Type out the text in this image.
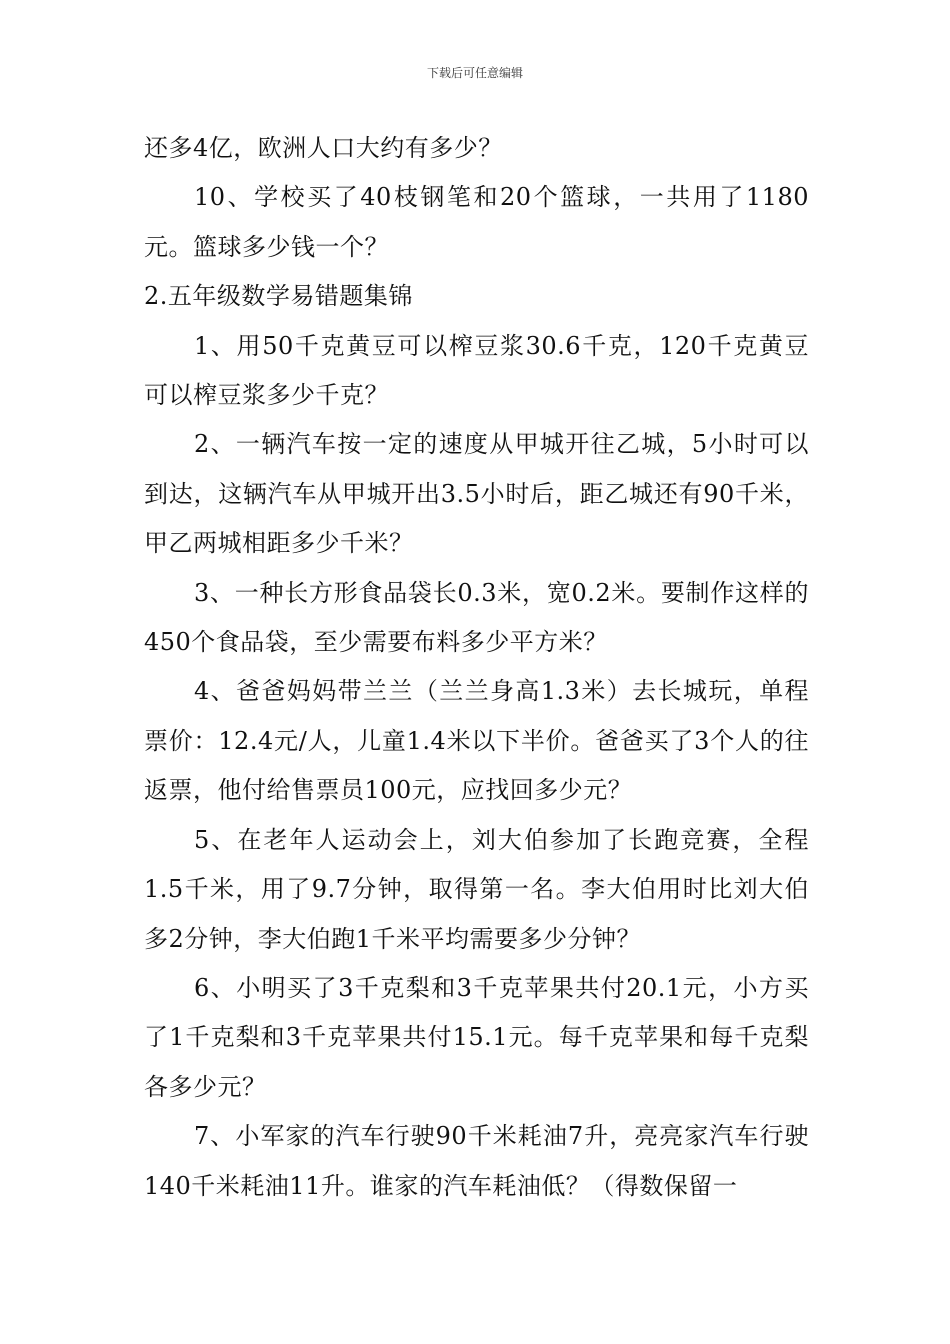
下载后可任意编辑

还多4亿，欧洲人口大约有多少？

10、学校买了40枝钢笔和20个篮球，一共用了1180元。篮球多少钱一个？

2.五年级数学易错题集锦

1、用50千克黄豆可以榨豆浆30.6千克，120千克黄豆可以榨豆浆多少千克？

2、一辆汽车按一定的速度从甲城开往乙城，5小时可以到达，这辆汽车从甲城开出3.5小时后，距乙城还有90千米，甲乙两城相距多少千米？

3、一种长方形食品袋长0.3米，宽0.2米。要制作这样的450个食品袋，至少需要布料多少平方米？

4、爸爸妈妈带兰兰（兰兰身高1.3米）去长城玩，单程票价：12.4元/人，儿童1.4米以下半价。爸爸买了3个人的往返票，他付给售票员100元，应找回多少元？

5、在老年人运动会上，刘大伯参加了长跑竞赛，全程1.5千米，用了9.7分钟，取得第一名。李大伯用时比刘大伯多2分钟，李大伯跑1千米平均需要多少分钟？

6、小明买了3千克梨和3千克苹果共付20.1元，小方买了1千克梨和3千克苹果共付15.1元。每千克苹果和每千克梨各多少元？

7、小军家的汽车行驶90千米耗油7升，亮亮家汽车行驶140千米耗油11升。谁家的汽车耗油低？（得数保留一
